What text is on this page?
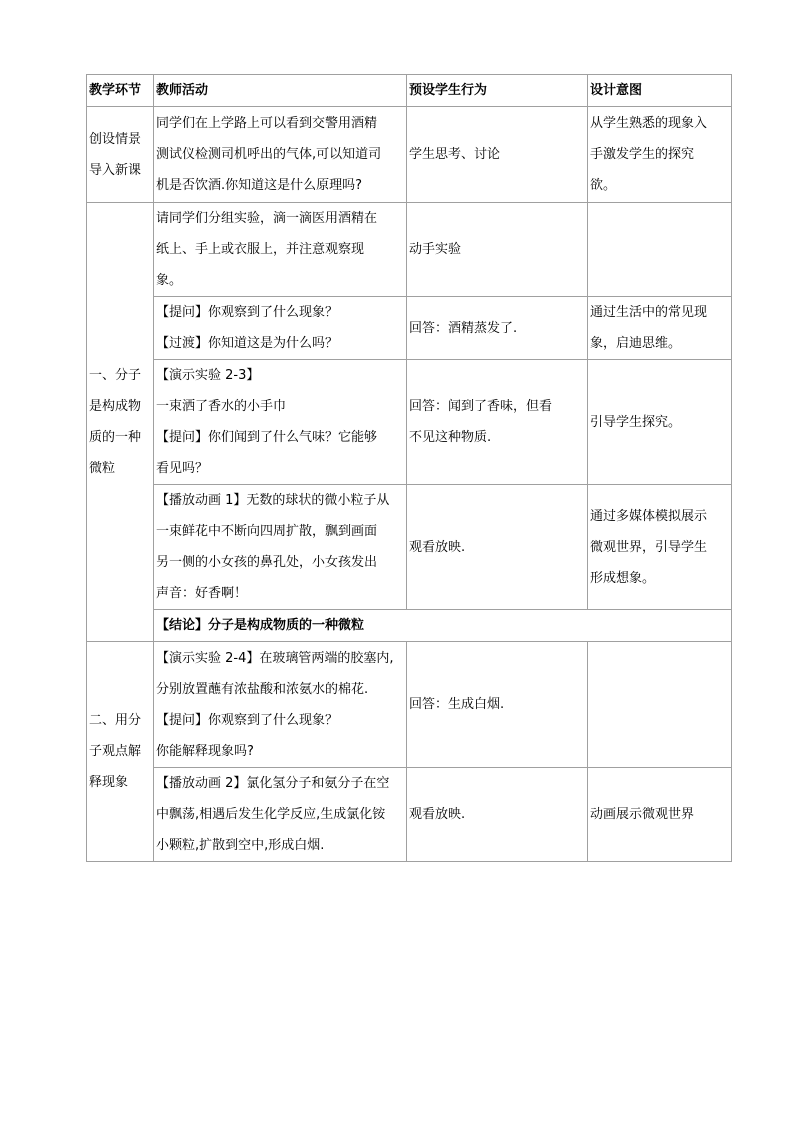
教学环节	教师活动	预设学生行为	设计意图

创设情景
导入新课	同学们在上学路上可以看到交警用酒精
测试仪检测司机呼出的气体,可以知道司
机是否饮酒.你知道这是什么原理吗?	学生思考、讨论	从学生熟悉的现象入
手激发学生的探究
欲。

一、分子
是构成物
质的一种
微粒	请同学们分组实验，滴一滴医用酒精在
纸上、手上或衣服上，并注意观察现
象。	动手实验	

	【提问】你观察到了什么现象？
【过渡】你知道这是为什么吗？	回答：酒精蒸发了.	通过生活中的常见现
象，启迪思维。

	【演示实验 2-3】
一束洒了香水的小手巾
【提问】你们闻到了什么气味？它能够
看见吗？	回答：闻到了香味，但看
不见这种物质.	引导学生探究。

	【播放动画 1】无数的球状的微小粒子从
一束鲜花中不断向四周扩散，飘到画面
另一侧的小女孩的鼻孔处，小女孩发出
声音：好香啊！	观看放映.	通过多媒体模拟展示
微观世界，引导学生
形成想象。

	【结论】分子是构成物质的一种微粒		

二、用分
子观点解
释现象	【演示实验 2-4】在玻璃管两端的胶塞内,
分别放置蘸有浓盐酸和浓氨水的棉花.
【提问】你观察到了什么现象？
你能解释现象吗?	回答：生成白烟.	

	【播放动画 2】氯化氢分子和氨分子在空
中飘荡,相遇后发生化学反应,生成氯化铵
小颗粒,扩散到空中,形成白烟.	观看放映.	动画展示微观世界
